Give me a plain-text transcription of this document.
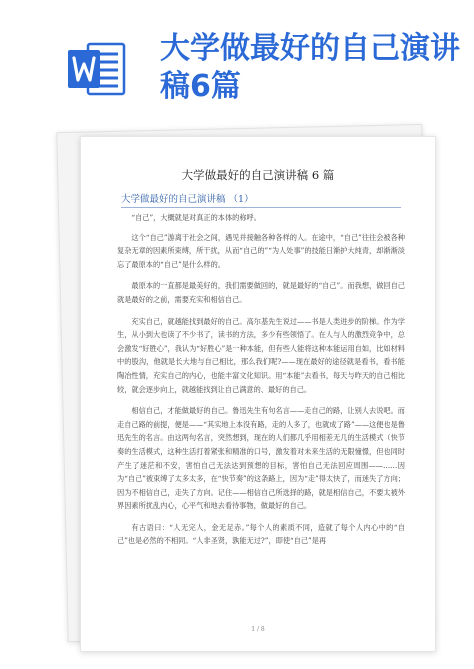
大学做最好的自己演讲稿6篇
大学做最好的自己演讲稿 6 篇
大学做最好的自己演讲稿 （1）

“自己”，大概就是对真正的本体的称呼。

这个“自己”游离于社会之间，遇见并接触各种各样的人。在途中，“自己”往往会被各种复杂无章的因素所束缚，所干扰，从而“自己的”“为人处事”的技能日渐护大纯青，却渐渐淡忘了最原本的“自己”是什么样的。

最原本的一直都是最美好的，我们需要做回的，就是最好的“自己”。而我想，做回自己就是最好的之前，需要充实和相信自己。

充实自己，就越能找到最好的自己。高尔基先生说过——书是人类进步的阶梯。作为学生，从小到大也读了不少书了，读书的方法，多少有些领悟了。在人与人的激烈竞争中，总会激发“好胜心”，我认为“好胜心”是一种本能，但有些人能将这种本能运用自如，比如材料中的股沟，他就是长大地与自己相比，那么我们呢?——现在最好的途径就是看书，看书能陶冶性情，充实自己的内心，也能丰富文化知识。用“本能”去看书，每天与昨天的自己相比较，就会逐步向上，就越能找到让自己满意的、最好的自己。

相信自己，才能做最好的自己。鲁迅先生有句名言——走自己的路，让别人去说吧。而走自己路的前提，便是——“其实地上本没有路，走的人多了，也就成了路”——这便也是鲁迅先生的名言。由这两句名言，突然想到，现在的人们都几乎用相差无几的生活模式（快节奏的生活模式，这种生活打着紧张和精准的口号，激发着对未来生活的无限憧憬，但也同时产生了迷茫和不安，害怕自己无法达到预想的目标，害怕自己无法回应周围——……因为“自己”被束缚了太多太多，在“快节奏”的这条路上，因为“走”得太快了，而迷失了方向；因为不相信自己，走失了方向。记住——相信自己所选择的路，就是相信自己，不要太被外界因素所扰乱内心，心平气和地去看待事物，做最好的自己。

有古语曰：“人无完人，金无足赤。”每个人的素质不同，造就了每个人内心中的“自己”也是必然的不相同。“人非圣贤，孰能无过?”，即使“自己”是再

1 / 8
